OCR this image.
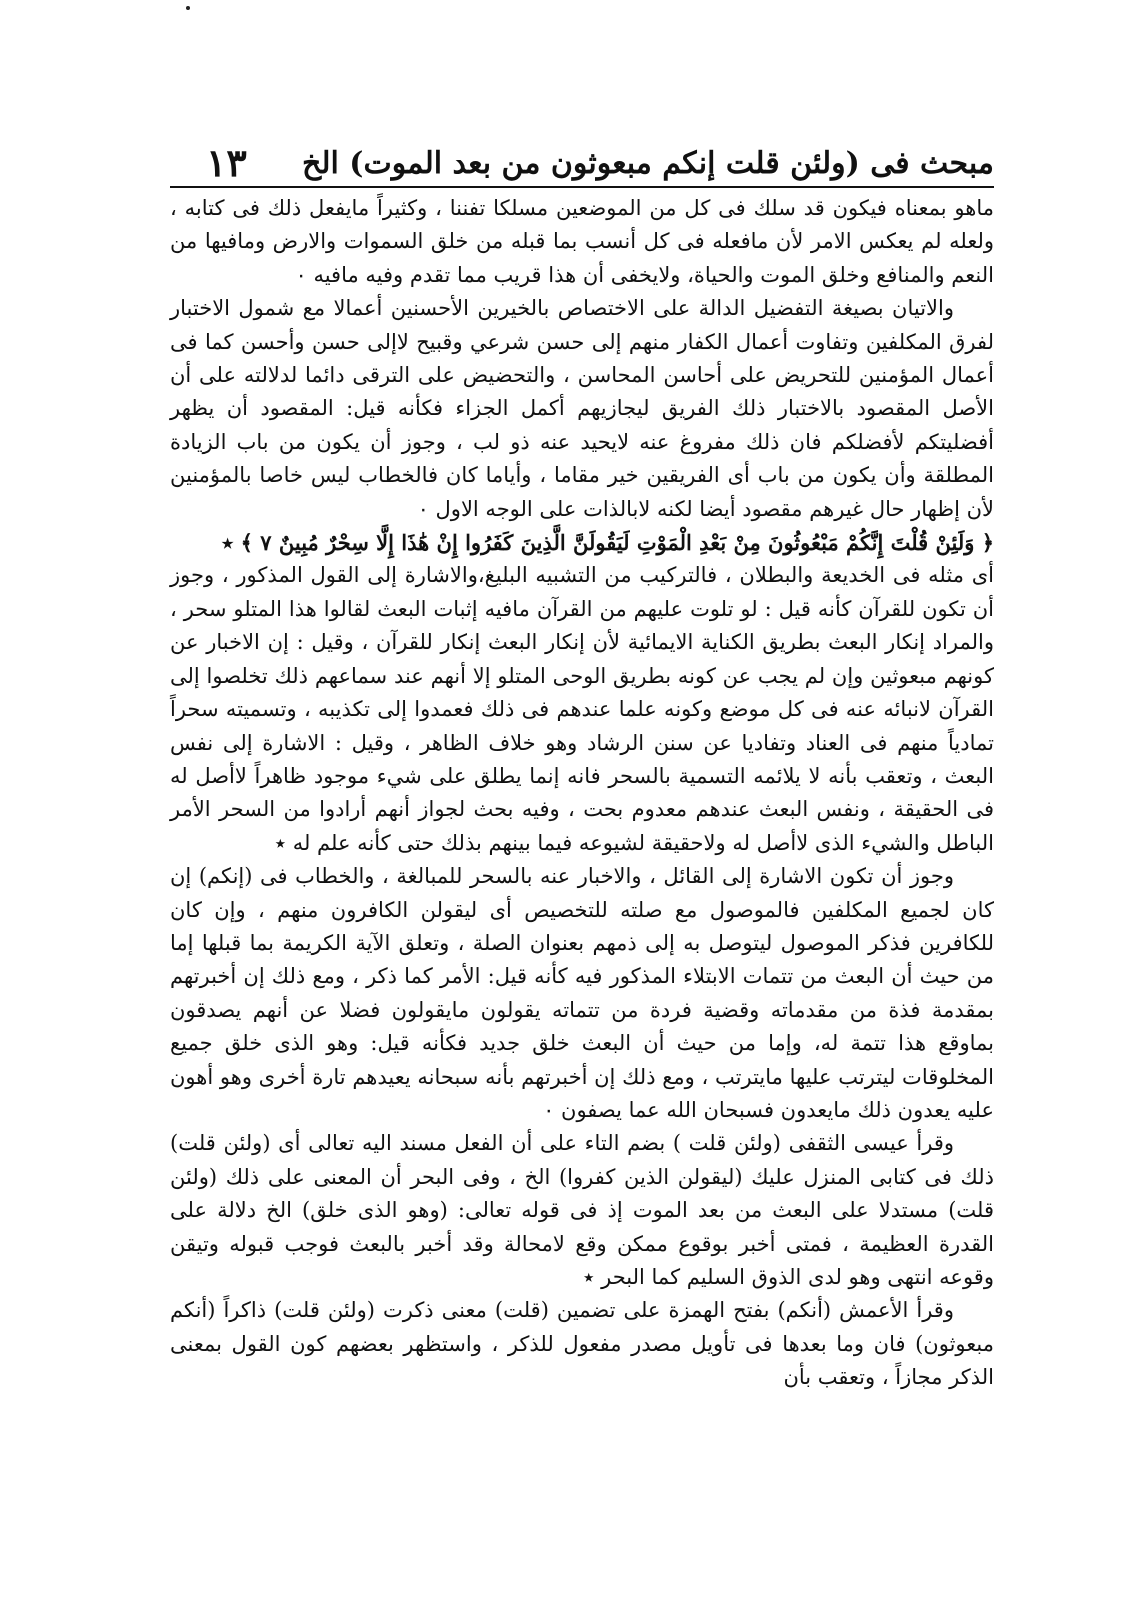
مبحث فى (ولئن قلت إنكم مبعوثون من بعد الموت) الخ
١٣

ماهو بمعناه فيكون قد سلك فى كل من الموضعين مسلكا تفننا ، وكثيراً مايفعل ذلك فى كتابه ، ولعله لم يعكس الامر لأن مافعله فى كل أنسب بما قبله من خلق السموات والارض ومافيها من النعم والمنافع وخلق الموت والحياة، ولايخفى أن هذا قريب مما تقدم وفيه مافيه ٠

والاتيان بصيغة التفضيل الدالة على الاختصاص بالخيرين الأحسنين أعمالا مع شمول الاختبار لفرق المكلفين وتفاوت أعمال الكفار منهم إلى حسن شرعي وقبيح لاإلى حسن وأحسن كما فى أعمال المؤمنين للتحريض على أحاسن المحاسن ، والتحضيض على الترقى دائما لدلالته على أن الأصل المقصود بالاختبار ذلك الفريق ليجازيهم أكمل الجزاء فكأنه قيل: المقصود أن يظهر أفضليتكم لأفضلكم فان ذلك مفروغ عنه لايحيد عنه ذو لب ، وجوز أن يكون من باب الزيادة المطلقة وأن يكون من باب أى الفريقين خير مقاما ، وأياما كان فالخطاب ليس خاصا بالمؤمنين لأن إظهار حال غيرهم مقصود أيضا لكنه لابالذات على الوجه الاول ٠

﴿ وَلَئِنْ قُلْتَ إِنَّكُمْ مَبْعُوثُونَ مِنْ بَعْدِ الْمَوْتِ لَيَقُولَنَّ الَّذِينَ كَفَرُوا إِنْ هَٰذَا إِلَّا سِحْرٌ مُبِينٌ ٧ ﴾ ٭

أى مثله فى الخديعة والبطلان ، فالتركيب من التشبيه البليغ،والاشارة إلى القول المذكور ، وجوز أن تكون للقرآن كأنه قيل : لو تلوت عليهم من القرآن مافيه إثبات البعث لقالوا هذا المتلو سحر ، والمراد إنكار البعث بطريق الكناية الايمائية لأن إنكار البعث إنكار للقرآن ، وقيل : إن الاخبار عن كونهم مبعوثين وإن لم يجب عن كونه بطريق الوحى المتلو إلا أنهم عند سماعهم ذلك تخلصوا إلى القرآن لانبائه عنه فى كل موضع وكونه علما عندهم فى ذلك فعمدوا إلى تكذيبه ، وتسميته سحراً تمادياً منهم فى العناد وتفاديا عن سنن الرشاد وهو خلاف الظاهر ، وقيل : الاشارة إلى نفس البعث ، وتعقب بأنه لا يلائمه التسمية بالسحر فانه إنما يطلق على شيء موجود ظاهراً لاأصل له فى الحقيقة ، ونفس البعث عندهم معدوم بحت ، وفيه بحث لجواز أنهم أرادوا من السحر الأمر الباطل والشيء الذى لاأصل له ولاحقيقة لشيوعه فيما بينهم بذلك حتى كأنه علم له ٭

وجوز أن تكون الاشارة إلى القائل ، والاخبار عنه بالسحر للمبالغة ، والخطاب فى (إنكم) إن كان لجميع المكلفين فالموصول مع صلته للتخصيص أى ليقولن الكافرون منهم ، وإن كان للكافرين فذكر الموصول ليتوصل به إلى ذمهم بعنوان الصلة ، وتعلق الآية الكريمة بما قبلها إما من حيث أن البعث من تتمات الابتلاء المذكور فيه كأنه قيل: الأمر كما ذكر ، ومع ذلك إن أخبرتهم بمقدمة فذة من مقدماته وقضية فردة من تتماته يقولون مايقولون فضلا عن أنهم يصدقون بماوقع هذا تتمة له، وإما من حيث أن البعث خلق جديد فكأنه قيل: وهو الذى خلق جميع المخلوقات ليترتب عليها مايترتب ، ومع ذلك إن أخبرتهم بأنه سبحانه يعيدهم تارة أخرى وهو أهون عليه يعدون ذلك مايعدون فسبحان الله عما يصفون ٠

وقرأ عيسى الثقفى (ولئن قلت ) بضم التاء على أن الفعل مسند اليه تعالى أى (ولئن قلت) ذلك فى كتابى المنزل عليك (ليقولن الذين كفروا) الخ ، وفى البحر أن المعنى على ذلك (ولئن قلت) مستدلا على البعث من بعد الموت إذ فى قوله تعالى: (وهو الذى خلق) الخ دلالة على القدرة العظيمة ، فمتى أخبر بوقوع ممكن وقع لامحالة وقد أخبر بالبعث فوجب قبوله وتيقن وقوعه انتهى وهو لدى الذوق السليم كما البحر ٭

وقرأ الأعمش (أنكم) بفتح الهمزة على تضمين (قلت) معنى ذكرت (ولئن قلت) ذاكراً (أنكم مبعوثون) فان وما بعدها فى تأويل مصدر مفعول للذكر ، واستظهر بعضهم كون القول بمعنى الذكر مجازاً ، وتعقب بأن
